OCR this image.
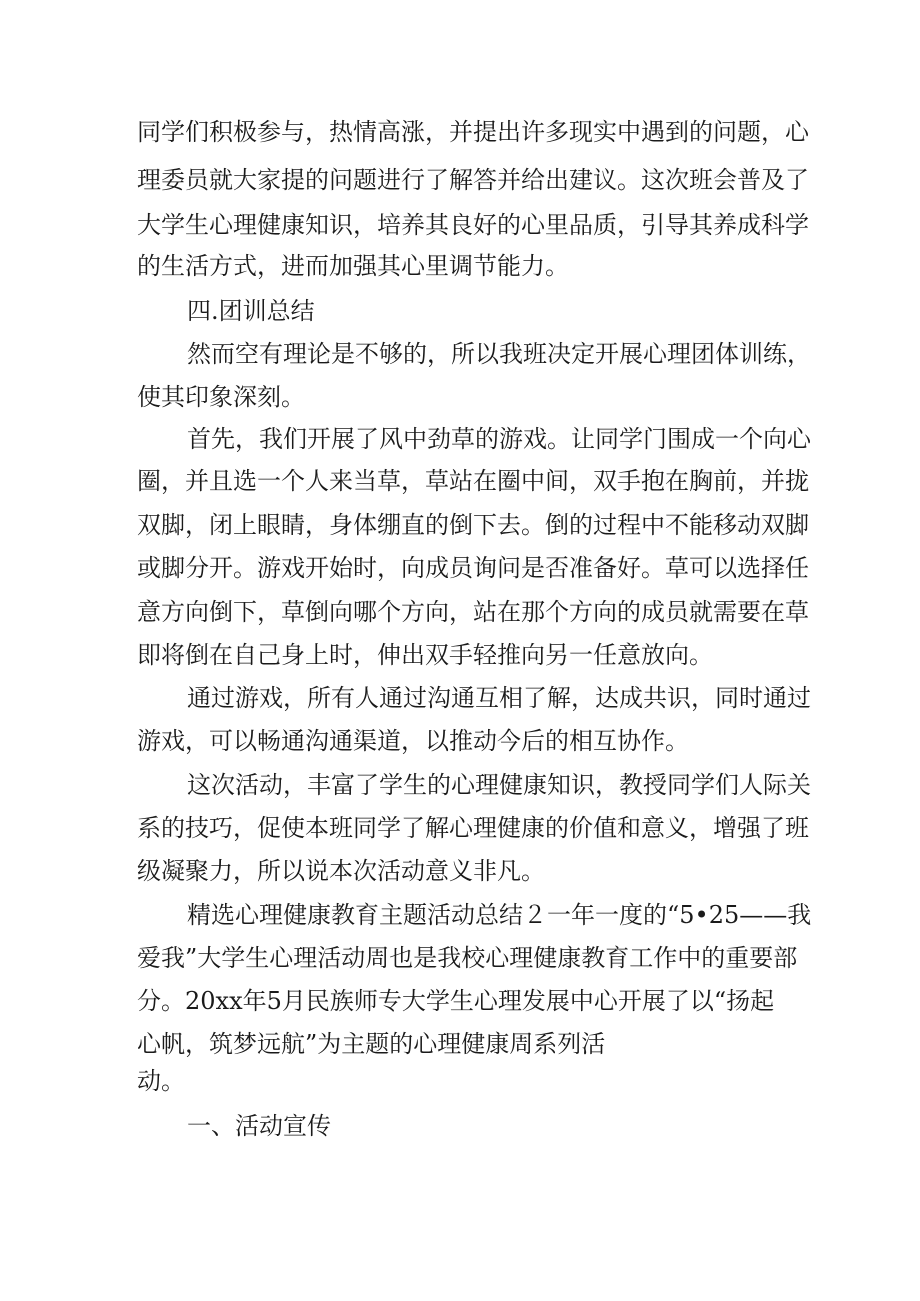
同学们积极参与，热情高涨，并提出许多现实中遇到的问题，心

理委员就大家提的问题进行了解答并给出建议。这次班会普及了

大学生心理健康知识，培养其良好的心里品质，引导其养成科学

的生活方式，进而加强其心里调节能力。

四.团训总结

然而空有理论是不够的，所以我班决定开展心理团体训练，

使其印象深刻。

首先，我们开展了风中劲草的游戏。让同学门围成一个向心

圈，并且选一个人来当草，草站在圈中间，双手抱在胸前，并拢

双脚，闭上眼睛，身体绷直的倒下去。倒的过程中不能移动双脚

或脚分开。游戏开始时，向成员询问是否准备好。草可以选择任

意方向倒下，草倒向哪个方向，站在那个方向的成员就需要在草

即将倒在自己身上时，伸出双手轻推向另一任意放向。

通过游戏，所有人通过沟通互相了解，达成共识，同时通过

游戏，可以畅通沟通渠道，以推动今后的相互协作。

这次活动，丰富了学生的心理健康知识，教授同学们人际关

系的技巧，促使本班同学了解心理健康的价值和意义，增强了班

级凝聚力，所以说本次活动意义非凡。

精选心理健康教育主题活动总结２一年一度的“5•25——我

爱我”大学生心理活动周也是我校心理健康教育工作中的重要部

分。20xx年5月民族师专大学生心理发展中心开展了以“扬起

心帆，筑梦远航”为主题的心理健康周系列活

动。

一、活动宣传
